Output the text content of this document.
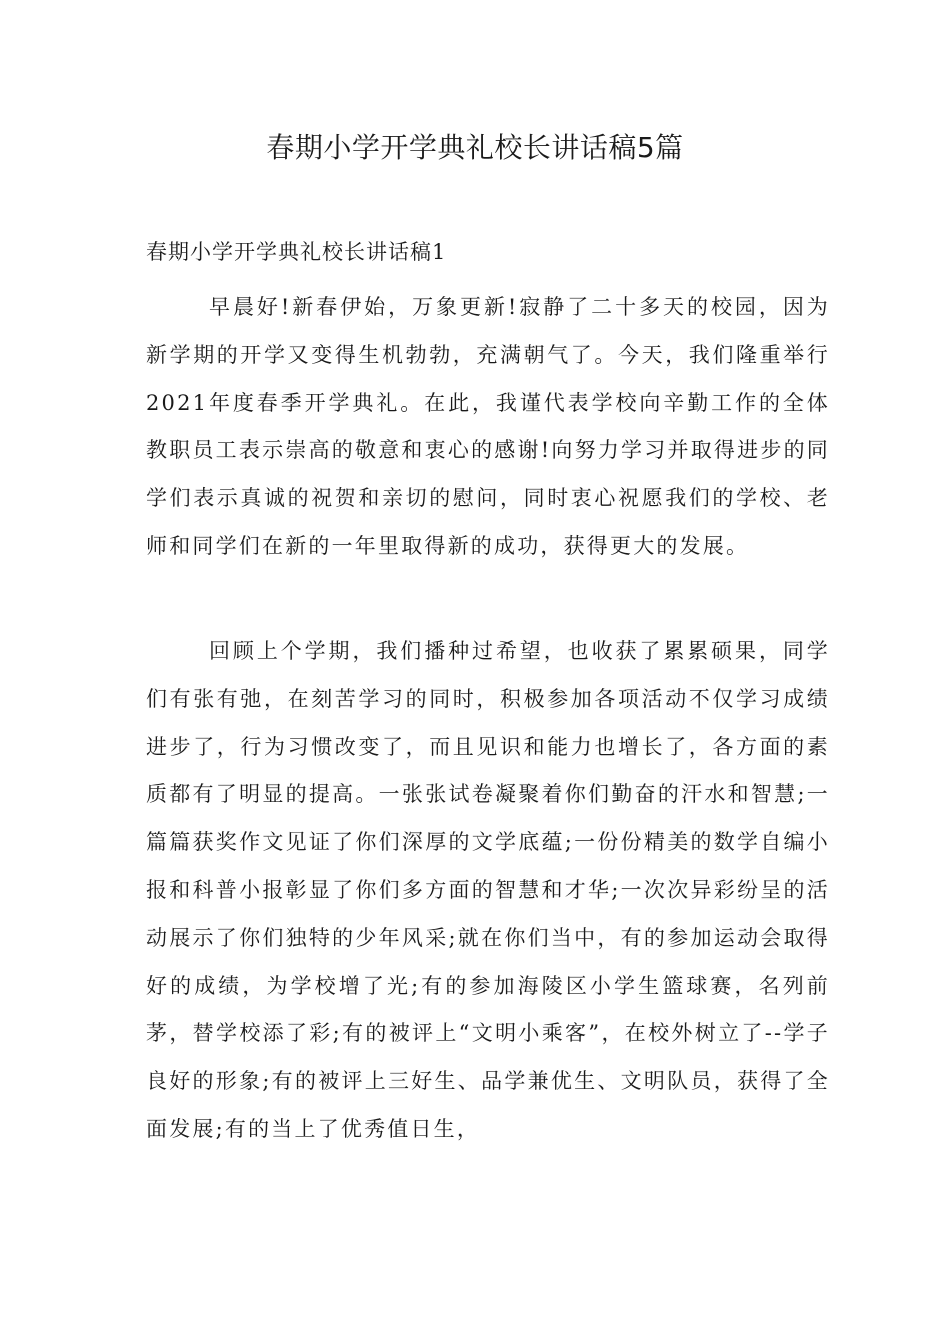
春期小学开学典礼校长讲话稿5篇
春期小学开学典礼校长讲话稿1

早晨好!新春伊始，万象更新!寂静了二十多天的校园，因为新学期的开学又变得生机勃勃，充满朝气了。今天，我们隆重举行2021年度春季开学典礼。在此，我谨代表学校向辛勤工作的全体教职员工表示崇高的敬意和衷心的感谢!向努力学习并取得进步的同学们表示真诚的祝贺和亲切的慰问，同时衷心祝愿我们的学校、老师和同学们在新的一年里取得新的成功，获得更大的发展。

回顾上个学期，我们播种过希望，也收获了累累硕果，同学们有张有弛，在刻苦学习的同时，积极参加各项活动不仅学习成绩进步了，行为习惯改变了，而且见识和能力也增长了，各方面的素质都有了明显的提高。一张张试卷凝聚着你们勤奋的汗水和智慧;一篇篇获奖作文见证了你们深厚的文学底蕴;一份份精美的数学自编小报和科普小报彰显了你们多方面的智慧和才华;一次次异彩纷呈的活动展示了你们独特的少年风采;就在你们当中，有的参加运动会取得好的成绩，为学校增了光;有的参加海陵区小学生篮球赛，名列前茅，替学校添了彩;有的被评上“文明小乘客”，在校外树立了--学子良好的形象;有的被评上三好生、品学兼优生、文明队员，获得了全面发展;有的当上了优秀值日生，
